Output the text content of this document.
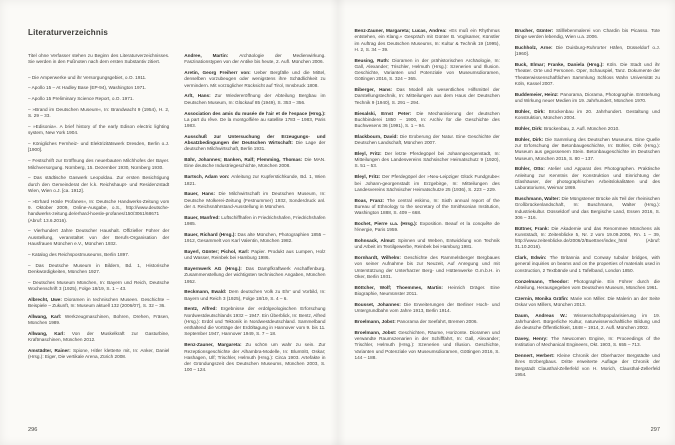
Literaturverzeichnis

Titel ohne Verfasser stehen zu Beginn des Literaturverzeichnisses. Sie werden in den Fußnoten nach dem ersten Substantiv zitiert.

– Die Amperwerke und ihr Versorgungsgebiet, o.O. 1911.

– Apollo 15 – At Hadley Base (EP-94), Washington 1971.

– Apollo 15 Preliminary Science Report, o.O. 1971.

– »Brand im Deutschen Museum«, In: Brandwacht 9 (1954), H. 2, S. 29 – 33.

– »Edisonia«. A brief history of the early Edison electric lighting system, New York 1904.

– Königliches Fernheiz- und Elektrizitätswerk Dresden, Berlin o.J. [1900].

– Festschrift zur Eröffnung des neuerbauten Milchhofes der Bayer. Milchversorgung. Nürnberg, 15. Dezember 1930, Nürnberg 1930.

– Das städtische Gaswerk Leopoldau. Zur ersten Besichtigung durch den Gemeinderat der k.k. Reichshaupt- und Residenzstadt Wien, Wien o.J. [ca. 1912].

– »Erhard Hösle Profanes«, In: Deutsche Handwerks-Zeitung vom 9. Oktober 2009, Online-Ausgabe, o.S., http://www.deutsche-handwerks-zeitung.de/erhard-hoesle-profanes/150/3061/68671 (Abruf: 13.6.2016).

– Vierhundert Jahre Deutscher Haushalt. Offizieller Führer der Ausstellung, veranstaltet von der Berufs-Organisation der Hausfrauen München e.V., München 1932.

– Katalog des Reichspostmuseums, Berlin 1897.

– Das Deutsche Museum in Bildern, Bd. 1, Historische Denkwürdigkeiten, München 1927.

– Deutsches Museum München, In: Bayern und Reich, Deutsche Wochenschrift 3 (1925), Folge 18/19, S. 1 – 43.

Albrecht, Uwe: Dioramen in technischen Museen. Geschichte – Beispiele – Zukunft, In: Museum aktuell 132 (2006/07), S. 32 – 36.

Allwang, Karl: Werkzeugmaschinen, Bohren, Drehen, Fräsen, München 1989.

Allwang, Karl: Von der Muskelkraft zur Gasturbine, Kraftmaschinen, München 2012.

Amstädter, Rainer: Spione, Hitler kletterte mit, In: Anker, Daniel (Hrsg.): Eiger, Die vertikale Arena, Zürich 2008.

Andree, Martin: Archäologie der Medienwirkung. Faszinationstypen von der Antike bis heute, 2. Aufl. München 2006.

Aretin, Georg Freiherr von: Ueber Bergfälle und die Mittel, denselben vorzubeugen oder wenigstens ihre Schädlichkeit zu vermindern. Mit vorzüglicher Rücksicht auf Tirol, Innsbruck 1808.

Arlt, Hans: Zur Wiedereröffnung der Abteilung Bergbau im Deutschen Museum, In: Glückauf 85 (1949), S. 353 – 356.

Association des amis du musée de l'air et de l'espace (Hrsg.): La part du rêve. De la montgolfière au satellite 1783 – 1983, Paris 1983.

Ausschuß zur Untersuchung der Erzeugungs- und Absatzbedingungen der Deutschen Wirtschaft: Die Lage der deutschen Milchwirtschaft, Berlin 1931.

Bähr, Johannes; Banken, Ralf; Flemming, Thomas: Die MAN. Eine deutsche Industriegeschichte, München 2008.

Bartsch, Adam von: Anleitung zur Kupferstichkunde, Bd. 1, Wien 1821.

Bauer, Hans: Die Milchwirtschaft im Deutschen Museum, In: Deutsche Molkerei-Zeitung (Festnummer) 1932, Sonderdruck anl. der 4. Reichsnährstand-Ausstellung in München.

Bauer, Manfred: Luftschiffhafen in Friedrichshafen, Friedrichshafen 1985.

Bauer, Richard (Hrsg.): Das alte München, Photographien 1855 – 1912, Gesammelt von Karl Valentin, München 1982.

Bayerl, Günter; Pichol, Karl: Papier. Produkt aus Lumpen, Holz und Wasser, Reinbek bei Hamburg 1986.

Bayernwerk AG (Hrsg.): Das Dampfkraftwerk Aschaffenburg. Zusammenstellung der wichtigsten technischen Angaben, München 1952.

Beckmann, Ewald: Dem deutschen Volk zu Ehr' und Vorbild, In: Bayern und Reich 3 (1925), Folge 18/19, S. 4 – 6.

Bentz, Alfred: Ergebnisse der erdölgeologischen Erforschung Nordwestdeutschlands 1932 – 1947. Ein Überblick, In: Bentz, Alfred (Hrsg.): Erdöl und Tektonik in Nordwestdeutschland. Sammelband enthaltend die Vorträge der Erdöltagung in Hannover vom 9. bis 11. September 1947, Hannover 1949, S. 7 – 18.

Benz-Zauner, Margareta: Zu schön um wahr zu sein. Zur Rezeptionsgeschichte der Alhambra-Modelle, In: Blumtritt, Oskar; Hashagen, Ulf; Trischler, Helmuth (Hrsg.): Circa 1903. Artefakte in der Gründungszeit des Deutschen Museums, München 2003, S. 100 – 124.

296

Benz-Zauner, Margareta; Lucas, Andrea: »Es muß ein Rhythmus entstehen, ein Klang.« Gespräch mit Günter B. Voglsamer, Künstler im Auftrag des Deutschen Museums, In: Kultur & Technik 19 (1995), H. 2, S. 34 – 39.

Beusing, Ruth: Dioramen in der prähistorischen Archäologie, In: Gall, Alexander; Trischler, Helmuth (Hrsg.): Szenerien und Illusion. Geschichte, Varianten und Potenziale von Museumsdioramen, Göttingen 2016, S. 324 – 365.

Biberger, Hans: Das Modell als wesentliches Hilfsmittel der Darstellungstechnik, In: Mitteilungen aus dem Haus der Deutschen Technik 9 (1940), S. 291 – 294.

Biesalski, Ernst Peter: Die Mechanisierung der deutschen Buchbinderei 1850 – 1900, In: Archiv für die Geschichte des Buchwesens 36 (1991), S. 1 – 94.

Blackbourn, David: Die Eroberung der Natur. Eine Geschichte der Deutschen Landschaft, München 2007.

Bleyl, Fritz: Der letzte Pferdegöpel bei Johanngeorgenstadt, In: Mitteilungen des Landesvereins Sächsischer Heimatschutz 9 (1920), S. 51 – 53.

Bleyl, Fritz: Der Pferdegöpel der »Neu-Leipziger Glück Fundgrube« bei Johann-georgenstadt im Erzgebirge, In: Mitteilungen des Landesvereins Sächsischer Heimatschutze 25 (1936), S. 223 – 229.

Boas, Franz: The central eskimo, In: Sixth annual report of the Bureau of Ethnology to the secretary of the Smithsonian Institution, Washington 1888, S. 409 – 668.

Bochet, Pierre u.a. (Hrsg.): Exposition. Beauf et la conquête de l'énergie, Paris 1959.

Bohnsack, Almut: Spinnen und Weben, Entwicklung von Technik und Arbeit im Textilgewerbe, Reinbek bei Hamburg 1981.

Bornhardt, Wilhelm: Geschichte des Rammelsberger Bergbaues von seiner Aufnahme bis zur Neuzeit, Auf Anregung und mit Unterstützung der Unterharzer Berg- und Hüttenwerke G.m.b.H. in Oker, Berlin 1931.

Böttcher, Wolf; Thoemmes, Martin: Heinrich Dräger. Eine Biographie, Neumünster 2011.

Bousset, Johannes: Die Erweiterungen der Berliner Hoch- und Untergrundbahn vom Jahre 1913, Berlin 1914.

Broelmann, Jobst: Panorama der Seefahrt, Bremen 2006.

Broelmann, Jobst: Geschichten, Räume, Horizonte. Dioramen und verwandte Raumszenarien in der Schifffahrt, In: Gall, Alexander; Trischler, Helmuth (Hrsg.): Szenerien und Illusion. Geschichte, Varianten und Potenziale von Museumsdioramen, Göttingen 2016, S. 144 – 188.

Brucher, Günter: Stilllebenmalerei von Chardin bis Picasso. Tote Dinge werden lebendig, Wien u.a. 2006.

Buchholz, Arne: Die Duisburg-Ruhrorter Häfen, Düsseldorf o.J. [1960].

Buck, Elmar; Franke, Daniela (Hrsg.): Köln. Die Stadt und ihr Theater. Orte und Personen. Oper, Schauspiel, Tanz. Dokumente der Theaterwissenschaftlichen Sammlung Schloss Wahn Universität zu Köln, Kassel 2007.

Buddemeier, Heinz: Panorama, Diorama, Photographie. Entstehung und Wirkung neuer Medien im 19. Jahrhundert, München 1970.

Bühler, Dirk: Brückenbau im 20. Jahrhundert. Gestaltung und Konstruktion, München 2004.

Bühler, Dirk: Brückenbau, 2. Aufl. München 2010.

Bühler, Dirk: Die Sammlung des Deutschen Museums. Eine Quelle zur Erforschung der Betonbaugeschichte, In: Bühler, Dirk (Hrsg.): Museum aus gegossenem Stein. Betonbaugeschichte im Deutschen Museum, München 2015, S. 80 – 137.

Bühler, Otto: Atelier und Apparat des Photographen. Praktische Anleitung zur Kenntnis der Konstruktion und Einrichtung der Glashäuser, der photographischen Arbeitslokalitäten und des Laboratoriums, Weimar 1869.

Buschmann, Walter: Die Müngstener Brücke als Teil der rheinischen Großbrückenlandschaft, In: Buschmann, Walter (Hrsg.): Industriekultur. Düsseldorf und das Bergische Land, Essen 2016, S. 306 – 316.

Büttner, Frank: Die Akademie und das Renommee Münchens als Kunststadt, In: Zeitenblicke 5, Nr. 2 vom 19.09.2006, Rn. 1 – 39, http://www.zeitenblicke.de/2006/2/Buettner/index_html (Abruf: 31.10.2016).

Clark, Edwin: The Britannia and Conway tubular bridges, with general inquiries on beams and on the properties of materials used in construction, 2 Textbände und 1 Tafelband, London 1850.

Conzelmann, Theodor: Photographie. Ein Führer durch die Abteilung, Herausgegeben vom Deutschen Museum, München 1961.

Czernin, Monika Gräfin: Marie von Miller. Die Malerin an der Seite Oskar von Millers, München 2013.

Daum, Andreas W.: Wissenschaftspopularisierung im 19. Jahrhundert. Bürgerliche Kultur, naturwissenschaftliche Bildung und die deutsche Öffentlichkeit, 1848 – 1914, 2. Aufl. München 2002.

Davey, Henry: The Newcomen Engine, In: Proceedings of the Institution of Mechanical Engineers, Okt. 1903, S. 655 – 713.

Dennert, Herbert: Kleine Chronik der Oberharzer Bergstädte und ihres Erzbergbaus. Dritte erweiterte Auflage der Chronik der Bergstadt Clausthal-Zellerfeld von H. Morich, Clausthal-Zellerfeld 1954.

297
